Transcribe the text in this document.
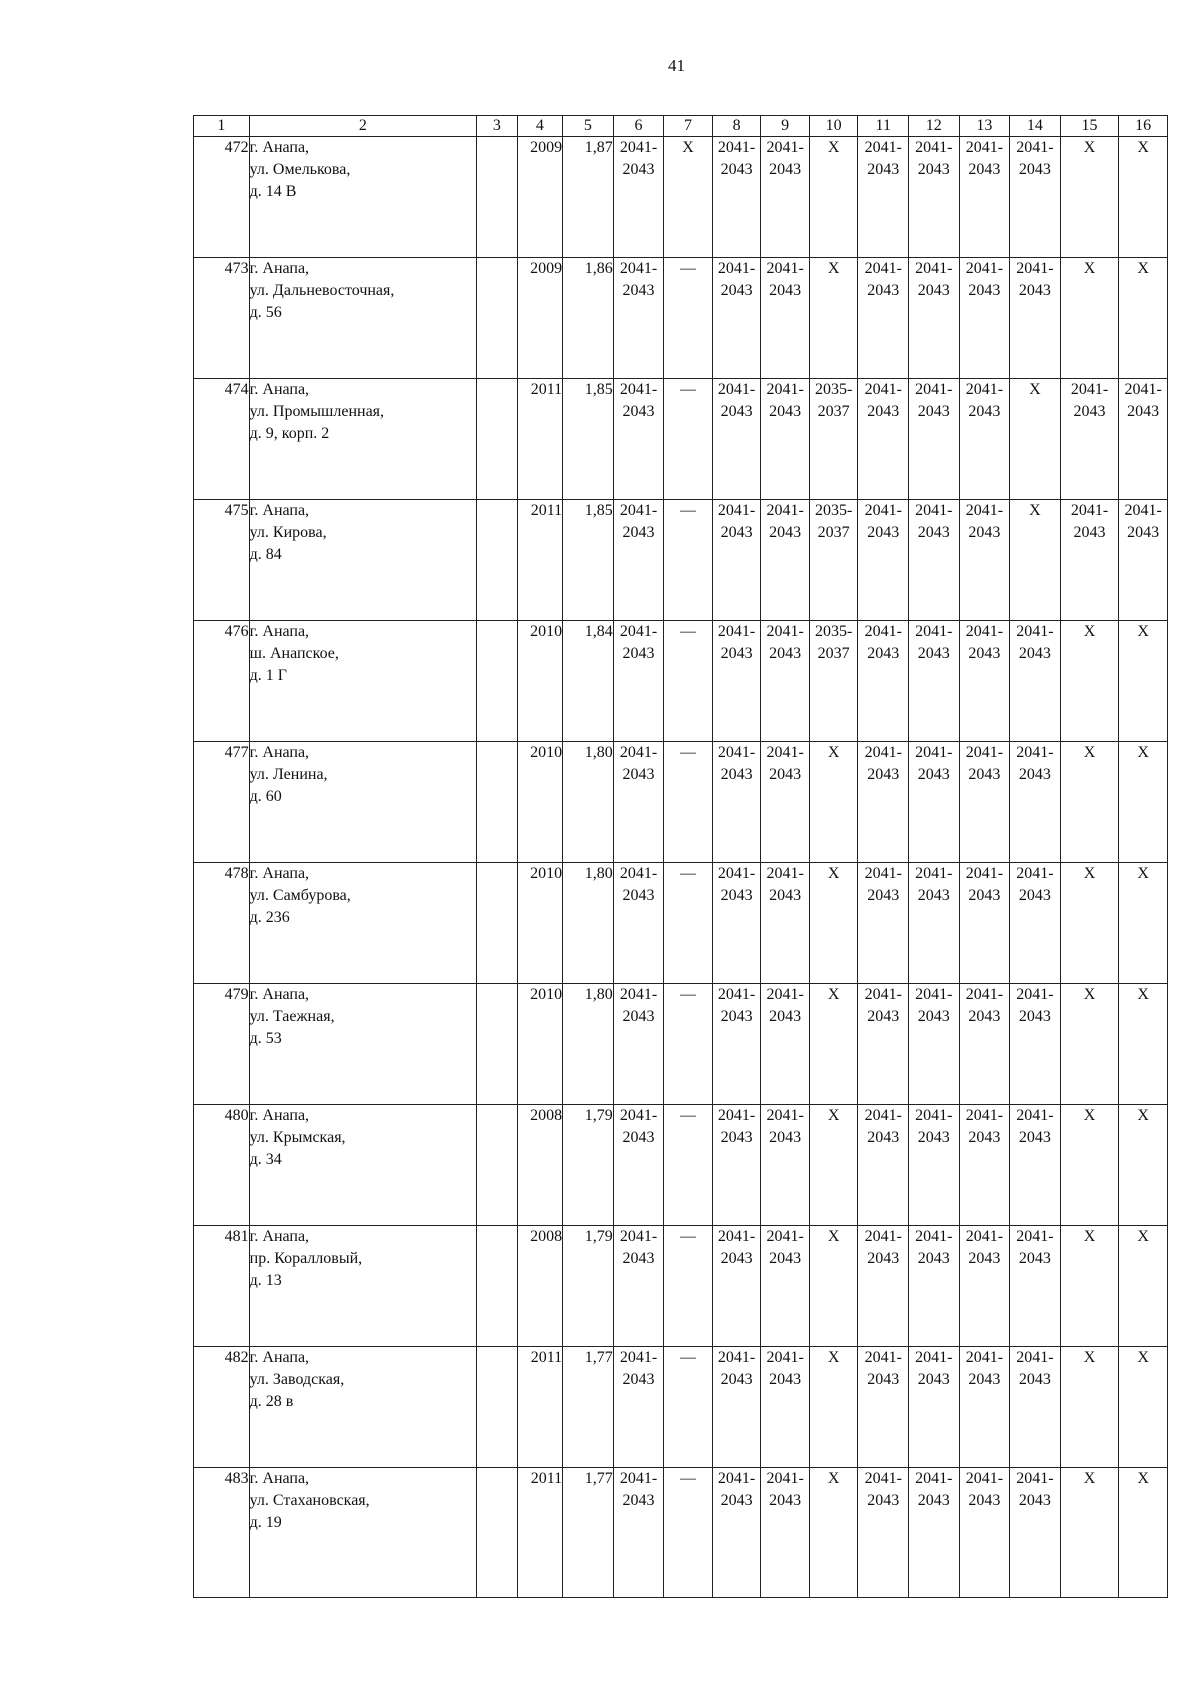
41
1	2	3	4	5	6	7	8	9	10	11	12	13	14	15	16
472	г. Анапа,
ул. Омелькова,
д. 14 В		2009	1,87	2041-2043	X	2041-2043	2041-2043	X	2041-2043	2041-2043	2041-2043	2041-2043	X	X
473	г. Анапа,
ул. Дальневосточная,
д. 56		2009	1,86	2041-2043	—	2041-2043	2041-2043	X	2041-2043	2041-2043	2041-2043	2041-2043	X	X
474	г. Анапа,
ул. Промышленная,
д. 9, корп. 2		2011	1,85	2041-2043	—	2041-2043	2041-2043	2035-2037	2041-2043	2041-2043	2041-2043	X	2041-2043	2041-2043
475	г. Анапа,
ул. Кирова,
д. 84		2011	1,85	2041-2043	—	2041-2043	2041-2043	2035-2037	2041-2043	2041-2043	2041-2043	X	2041-2043	2041-2043
476	г. Анапа,
ш. Анапское,
д. 1 Г		2010	1,84	2041-2043	—	2041-2043	2041-2043	2035-2037	2041-2043	2041-2043	2041-2043	2041-2043	X	X
477	г. Анапа,
ул. Ленина,
д. 60		2010	1,80	2041-2043	—	2041-2043	2041-2043	X	2041-2043	2041-2043	2041-2043	2041-2043	X	X
478	г. Анапа,
ул. Самбурова,
д. 236		2010	1,80	2041-2043	—	2041-2043	2041-2043	X	2041-2043	2041-2043	2041-2043	2041-2043	X	X
479	г. Анапа,
ул. Таежная,
д. 53		2010	1,80	2041-2043	—	2041-2043	2041-2043	X	2041-2043	2041-2043	2041-2043	2041-2043	X	X
480	г. Анапа,
ул. Крымская,
д. 34		2008	1,79	2041-2043	—	2041-2043	2041-2043	X	2041-2043	2041-2043	2041-2043	2041-2043	X	X
481	г. Анапа,
пр. Коралловый,
д. 13		2008	1,79	2041-2043	—	2041-2043	2041-2043	X	2041-2043	2041-2043	2041-2043	2041-2043	X	X
482	г. Анапа,
ул. Заводская,
д. 28 в		2011	1,77	2041-2043	—	2041-2043	2041-2043	X	2041-2043	2041-2043	2041-2043	2041-2043	X	X
483	г. Анапа,
ул. Стахановская,
д. 19		2011	1,77	2041-2043	—	2041-2043	2041-2043	X	2041-2043	2041-2043	2041-2043	2041-2043	X	X
